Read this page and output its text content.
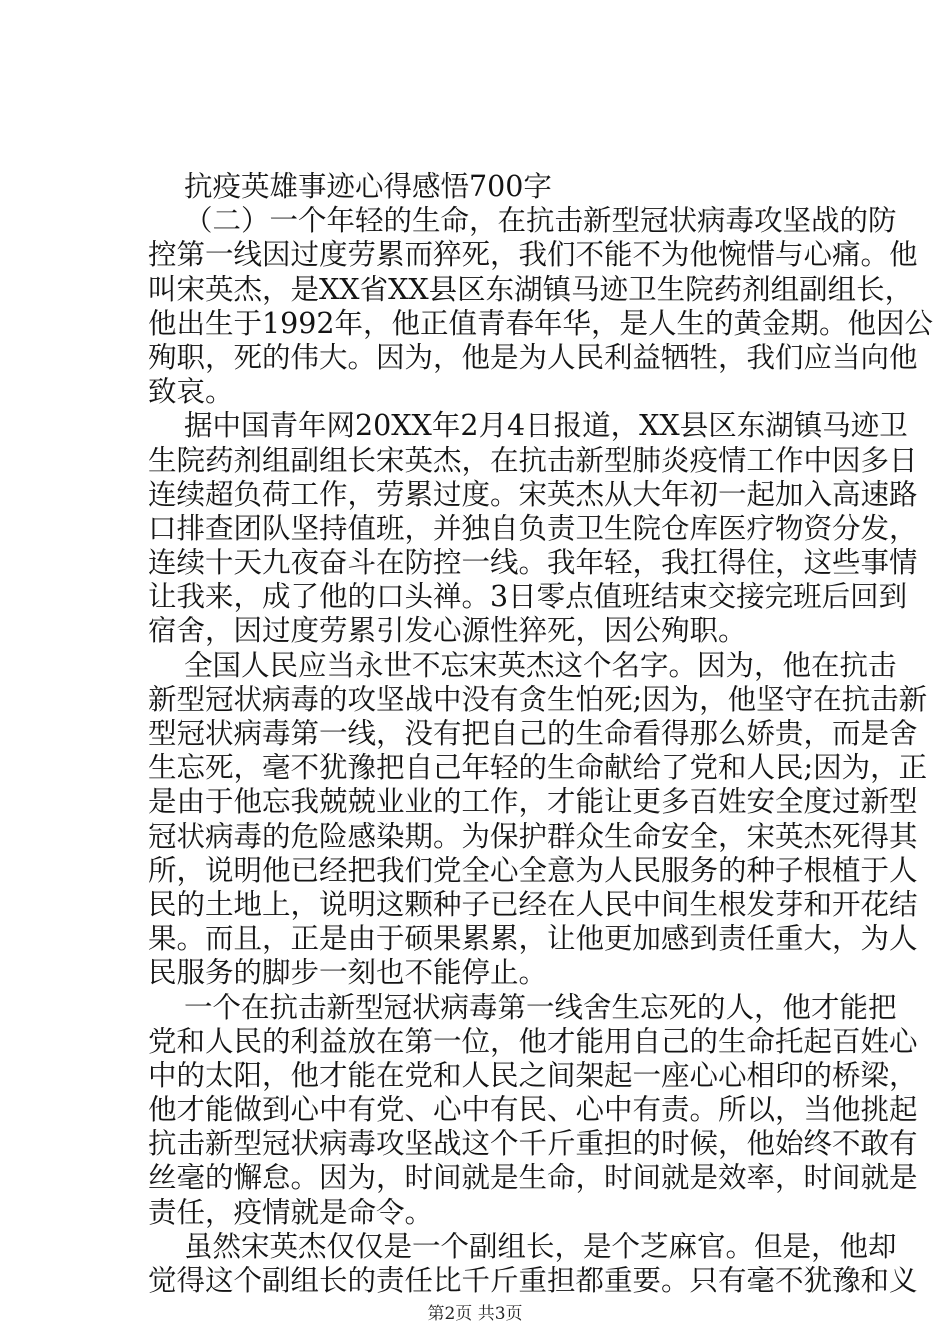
抗疫英雄事迹心得感悟700字
（二）一个年轻的生命，在抗击新型冠状病毒攻坚战的防
控第一线因过度劳累而猝死，我们不能不为他惋惜与心痛。他
叫宋英杰，是XX省XX县区东湖镇马迹卫生院药剂组副组长，
他出生于1992年，他正值青春年华，是人生的黄金期。他因公
殉职，死的伟大。因为，他是为人民利益牺牲，我们应当向他
致哀。
据中国青年网20XX年2月4日报道，XX县区东湖镇马迹卫
生院药剂组副组长宋英杰，在抗击新型肺炎疫情工作中因多日
连续超负荷工作，劳累过度。宋英杰从大年初一起加入高速路
口排查团队坚持值班，并独自负责卫生院仓库医疗物资分发，
连续十天九夜奋斗在防控一线。我年轻，我扛得住，这些事情
让我来，成了他的口头禅。3日零点值班结束交接完班后回到
宿舍，因过度劳累引发心源性猝死，因公殉职。
全国人民应当永世不忘宋英杰这个名字。因为，他在抗击
新型冠状病毒的攻坚战中没有贪生怕死;因为，他坚守在抗击新
型冠状病毒第一线，没有把自己的生命看得那么娇贵，而是舍
生忘死，毫不犹豫把自己年轻的生命献给了党和人民;因为，正
是由于他忘我兢兢业业的工作，才能让更多百姓安全度过新型
冠状病毒的危险感染期。为保护群众生命安全，宋英杰死得其
所，说明他已经把我们党全心全意为人民服务的种子根植于人
民的土地上，说明这颗种子已经在人民中间生根发芽和开花结
果。而且，正是由于硕果累累，让他更加感到责任重大，为人
民服务的脚步一刻也不能停止。
一个在抗击新型冠状病毒第一线舍生忘死的人，他才能把
党和人民的利益放在第一位，他才能用自己的生命托起百姓心
中的太阳，他才能在党和人民之间架起一座心心相印的桥梁，
他才能做到心中有党、心中有民、心中有责。所以，当他挑起
抗击新型冠状病毒攻坚战这个千斤重担的时候，他始终不敢有
丝毫的懈怠。因为，时间就是生命，时间就是效率，时间就是
责任，疫情就是命令。
虽然宋英杰仅仅是一个副组长，是个芝麻官。但是，他却
觉得这个副组长的责任比千斤重担都重要。只有毫不犹豫和义
第2页 共3页
